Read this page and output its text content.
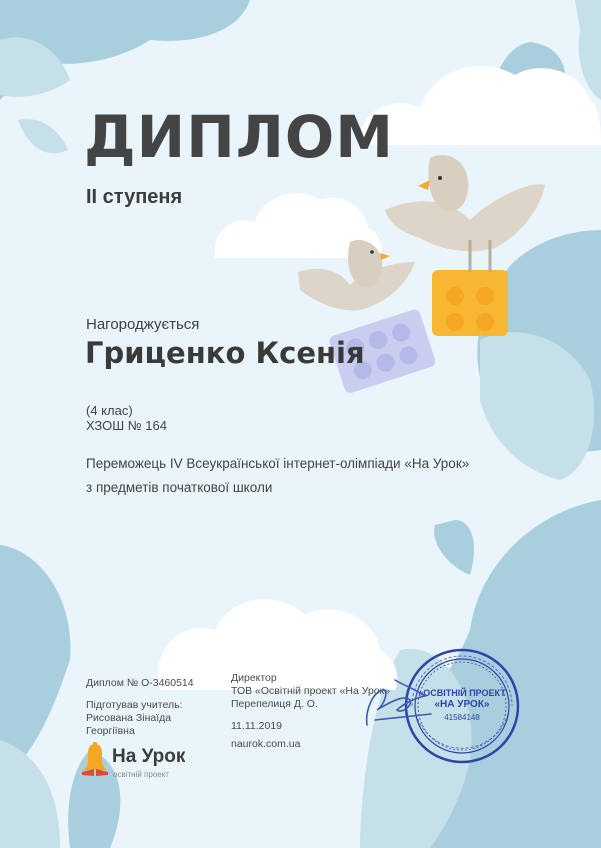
ДИПЛОМ
ІІ ступеня
Нагороджується
Гриценко Ксенія
(4 клас)
ХЗОШ № 164
Переможець IV Всеукраїнської інтернет-олімпіади «На Урок»
з предметів початкової школи
Диплом № О-3460514
Підготував учитель:
Рисована Зінаїда
Георгіївна
Директор
ТОВ «Освітній проект «На Урок»
Перепелиця Д. О.
11.11.2019
naurok.com.ua
На Урок
освітній проект
«ОСВІТНІЙ ПРОЕКТ
«НА УРОК»
41584148
